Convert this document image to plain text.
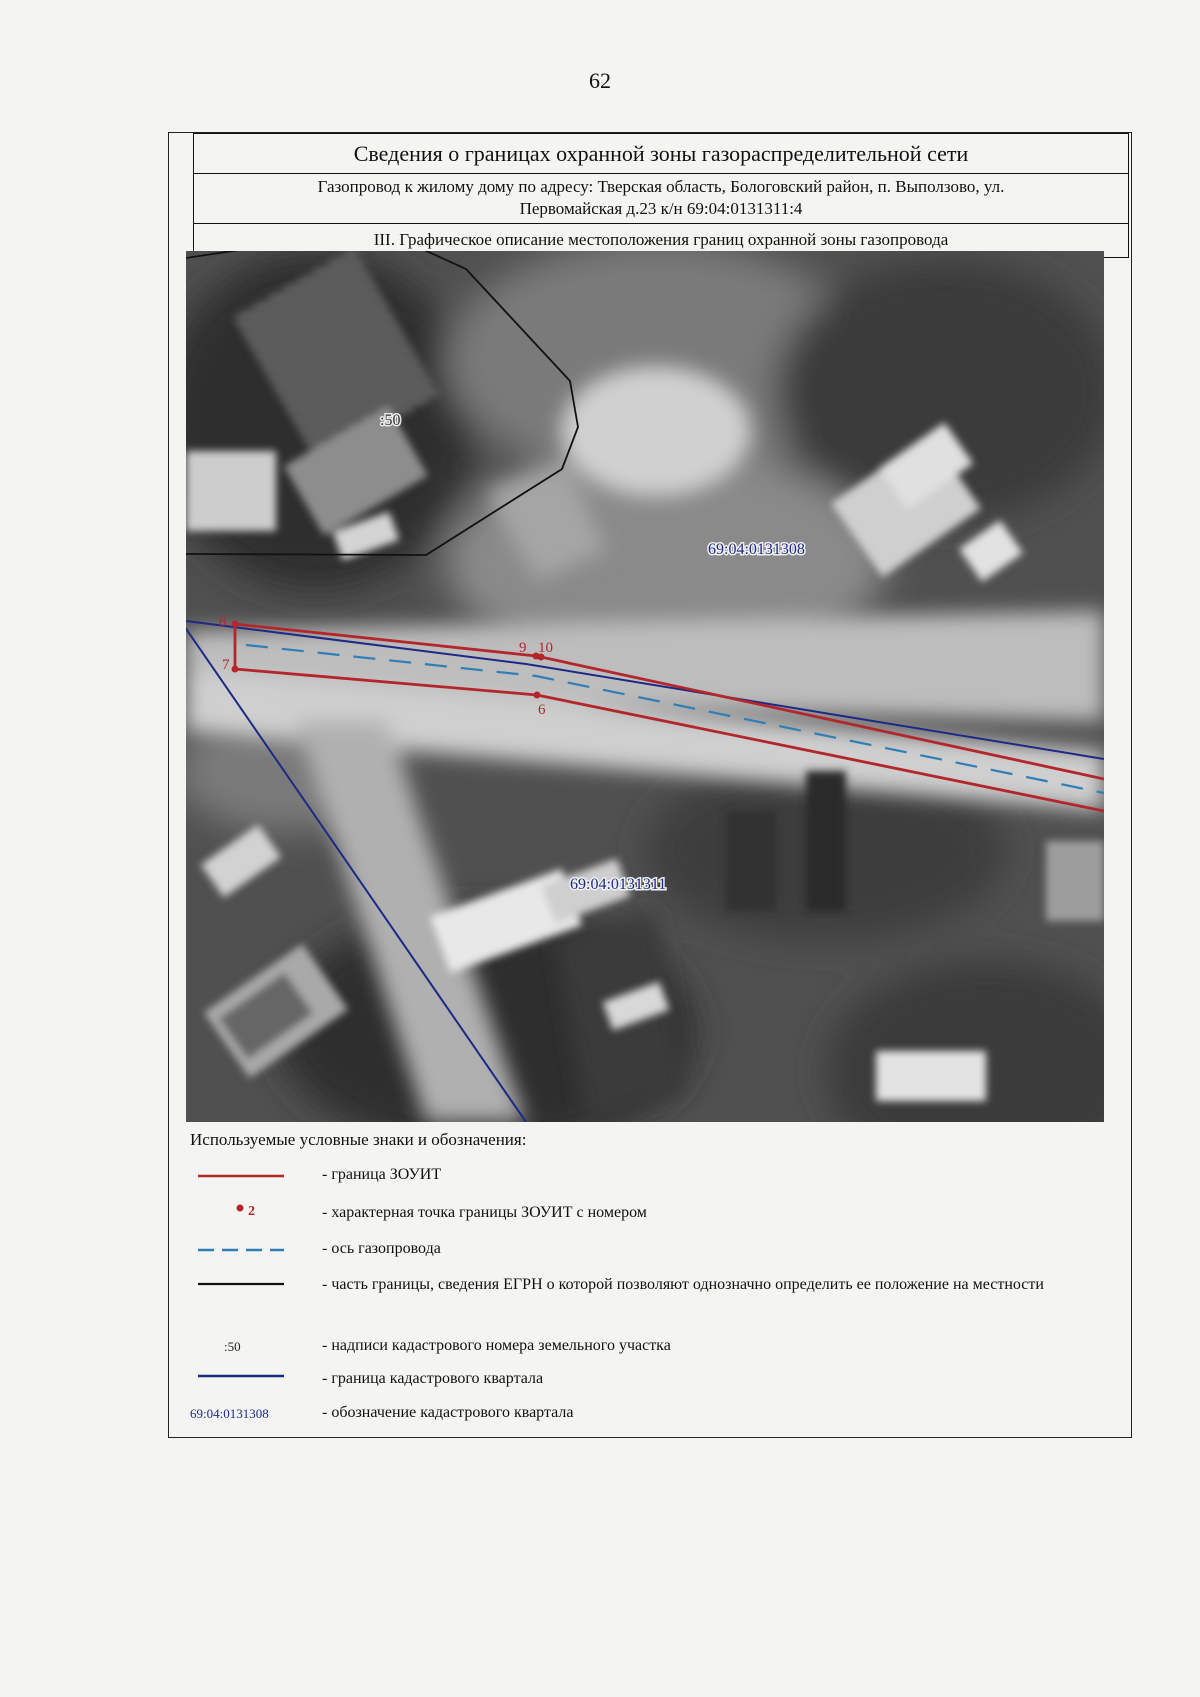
62
Сведения о границах охранной зоны газораспределительной сети
Газопровод к жилому дому по адресу: Тверская область, Бологовский район, п. Выползово, ул.
Первомайская д.23 к/н 69:04:0131311:4
III. Графическое описание местоположения границ охранной зоны газопровода
8
7
9 10
6
:50
69:04:0131308
69:04:0131311
Используемые условные знаки и обозначения:
- граница ЗОУИТ
2	- характерная точка границы ЗОУИТ с номером
- ось газопровода
- часть границы, сведения ЕГРН о которой позволяют однозначно определить ее положение на местности
:50	- надписи кадастрового номера земельного участка
- граница кадастрового квартала
69:04:0131308	- обозначение кадастрового квартала
